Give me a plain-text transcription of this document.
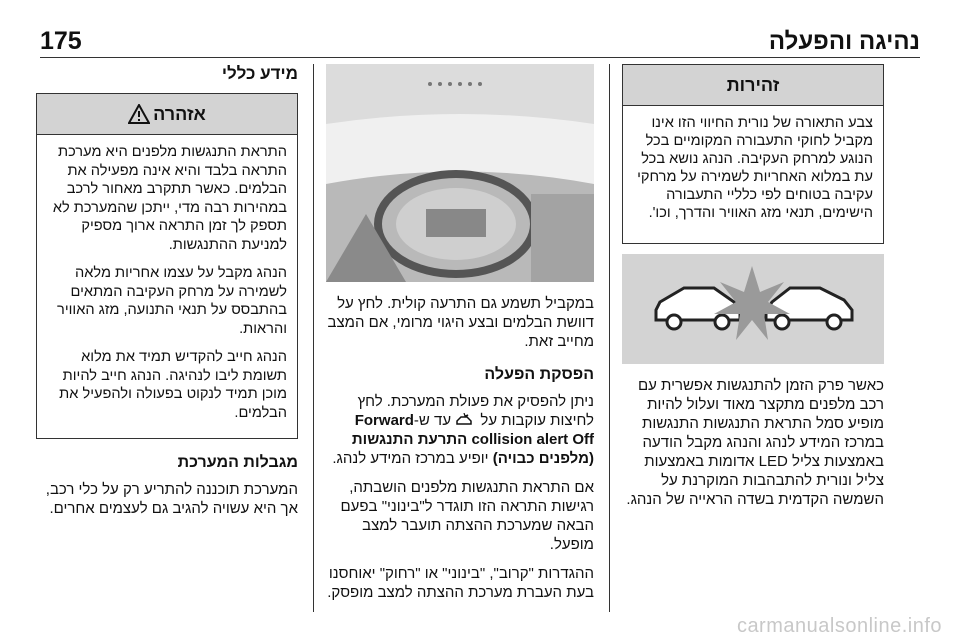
175	נהיגה והפעלה
זהירות
צבע התאורה של נורית החיווי הזו אינו מקביל לחוקי התעבורה המקומיים בכל הנוגע למרחק העקיבה. הנהג נושא בכל עת במלוא האחריות לשמירה על מרחקי עקיבה בטוחים לפי כלליי התעבורה הישימים, תנאי מזג האוויר והדרך, וכו'.

כאשר פרק הזמן להתנגשות אפשרית עם רכב מלפנים מתקצר מאוד ועלול להיות מופיע סמל התראת התנגשות התנגשות במרכז המידע לנהג והנהג מקבל הודעה באמצעות צליל LED אדומות באמצעות צליל ונורית להתבהבות המוקרנת על השמשה הקדמית בשדה הראייה של הנהג.

במקביל תשמע גם התרעה קולית. לחץ על דוושת הבלמים ובצע היגוי מרומי, אם המצב מחייב זאת.

הפסקת הפעלה

ניתן להפסיק את פעולת המערכת. לחץ לחיצות עוקבות על  עד ש-Forward collision alert Off התרעת התנגשות (מלפנים כבויה) יופיע במרכז המידע לנהג.

אם התראת התנגשות מלפנים הושבתה, רגישות התראה הזו תוגדר ל"בינוני" בפעם הבאה שמערכת ההצתה תועבר למצב מופעל.

ההגדרות "קרוב", "בינוני" או "רחוק" יאוחסנו בעת העברת מערכת ההצתה למצב מופסק.

מידע כללי
אזהרה

התראת התנגשות מלפנים היא מערכת התראה בלבד והיא אינה מפעילה את הבלמים. כאשר תתקרב מאחור לרכב במהירות רבה מדי, ייתכן שהמערכת לא תספק לך זמן התראה ארוך מספיק למניעת ההתנגשות.

הנהג מקבל על עצמו אחריות מלאה לשמירה על מרחק העקיבה המתאים בהתבסס על תנאי התנועה, מזג האוויר והראות.

הנהג חייב להקדיש תמיד את מלוא תשומת ליבו לנהיגה. הנהג חייב להיות מוכן תמיד לנקוט בפעולה ולהפעיל את הבלמים.

מגבלות המערכת

המערכת תוכננה להתריע רק על כלי רכב, אך היא עשויה להגיב גם לעצמים אחרים.

carmanualsonline.info
